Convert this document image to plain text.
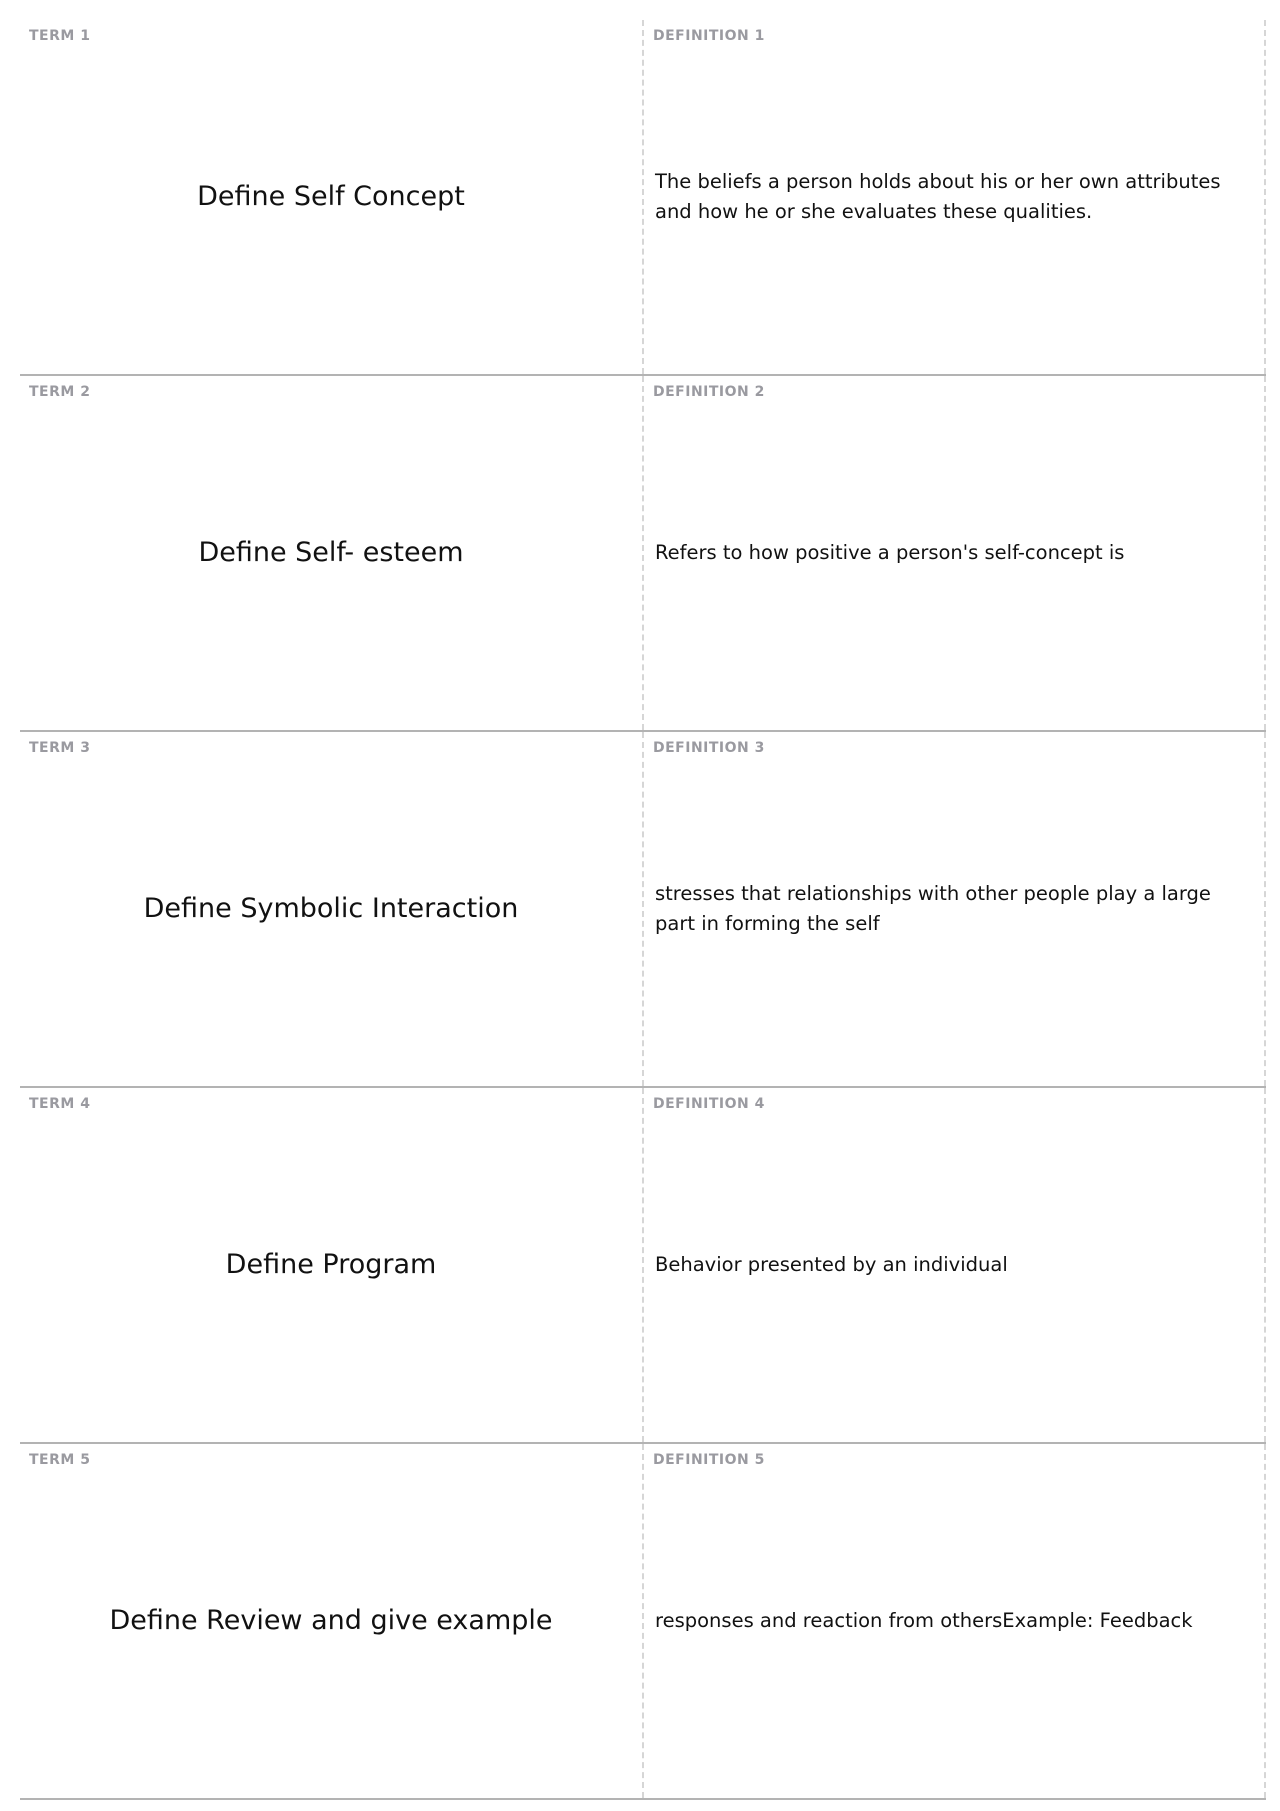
TERM 1
Define Self Concept
DEFINITION 1
The beliefs a person holds about his or her own attributes and how he or she evaluates these qualities.
TERM 2
Define Self- esteem
DEFINITION 2
Refers to how positive a person's self-concept is
TERM 3
Define Symbolic Interaction
DEFINITION 3
stresses that relationships with other people play a large part in forming the self
TERM 4
Define Program
DEFINITION 4
Behavior presented by an individual
TERM 5
Define Review and give example
DEFINITION 5
responses and reaction from othersExample: Feedback
